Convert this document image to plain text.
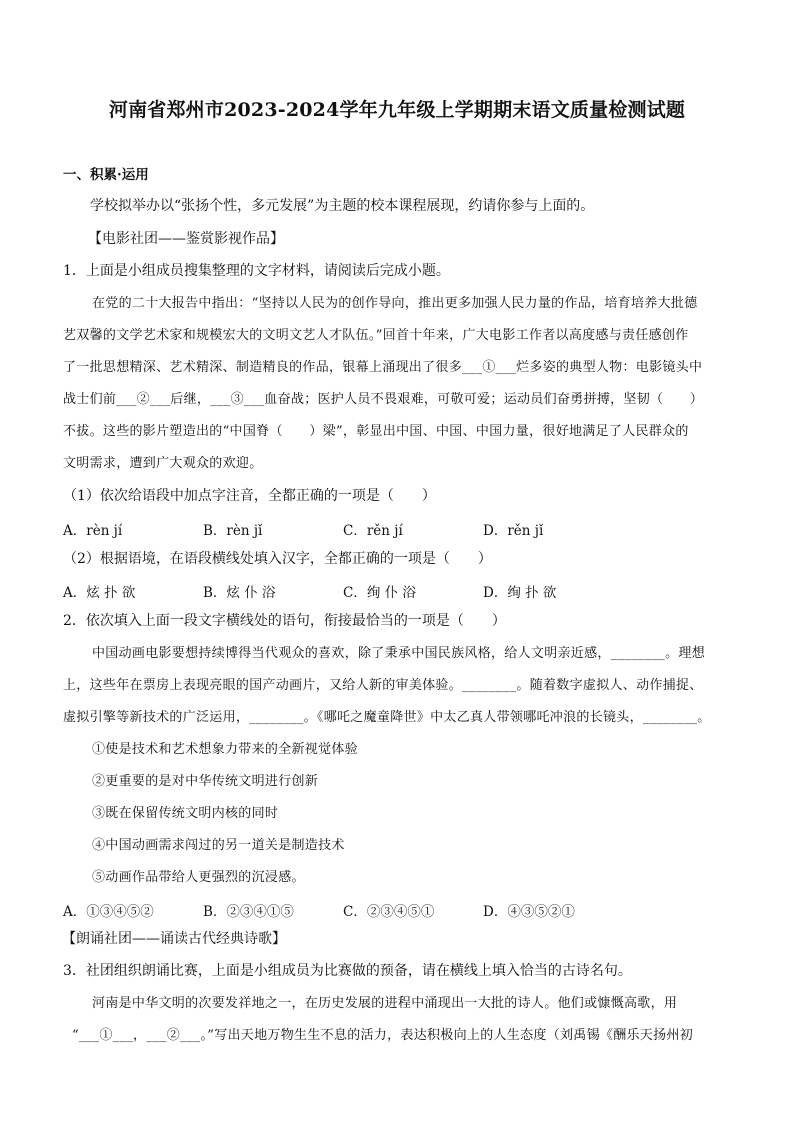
河南省郑州市2023-2024学年九年级上学期期末语文质量检测试题
一、积累·运用
学校拟举办以“张扬个性，多元发展”为主题的校本课程展现，约请你参与上面的。
【电影社团——鉴赏影视作品】
1．上面是小组成员搜集整理的文字材料，请阅读后完成小题。
在党的二十大报告中指出：“坚持以人民为的创作导向，推出更多加强人民力量的作品，培育培养大批德
艺双馨的文学艺术家和规模宏大的文明文艺人才队伍。”回首十年来，广大电影工作者以高度感与责任感创作
了一批思想精深、艺术精深、制造精良的作品，银幕上涌现出了很多___①___烂多姿的典型人物：电影镜头中
战士们前___②___后继，___③___血奋战；医护人员不畏艰难，可敬可爱；运动员们奋勇拼搏，坚韧（　　）
不拔。这些的影片塑造出的“中国脊（　　）梁”，彰显出中国、中国、中国力量，很好地满足了人民群众的
文明需求，遭到广大观众的欢迎。
（1）依次给语段中加点字注音，全都正确的一项是（　　）
A．rèn jí	B．rèn jǐ	C．rěn jí	D．rěn jǐ
（2）根据语境，在语段横线处填入汉字，全都正确的一项是（　　）
A．炫 扑 欲	B．炫 仆 浴	C．绚 仆 浴	D．绚 扑 欲
2．依次填入上面一段文字横线处的语句，衔接最恰当的一项是（　　）
中国动画电影要想持续博得当代观众的喜欢，除了秉承中国民族风格，给人文明亲近感，________。理想
上，这些年在票房上表现亮眼的国产动画片，又给人新的审美体验。________。随着数字虚拟人、动作捕捉、
虚拟引擎等新技术的广泛运用，________。《哪吒之魔童降世》中太乙真人带领哪吒冲浪的长镜头，________。
①使是技术和艺术想象力带来的全新视觉体验
②更重要的是对中华传统文明进行创新
③既在保留传统文明内核的同时
④中国动画需求闯过的另一道关是制造技术
⑤动画作品带给人更强烈的沉浸感。
A．①③④⑤②	B．②③④①⑤	C．②③④⑤①	D．④③⑤②①
【朗诵社团——诵读古代经典诗歌】
3．社团组织朗诵比赛，上面是小组成员为比赛做的预备，请在横线上填入恰当的古诗名句。
河南是中华文明的次要发祥地之一，在历史发展的进程中涌现出一大批的诗人。他们或慷慨高歌，用
“___①___，___②___。”写出天地万物生生不息的活力，表达积极向上的人生态度（刘禹锡《酬乐天扬州初
